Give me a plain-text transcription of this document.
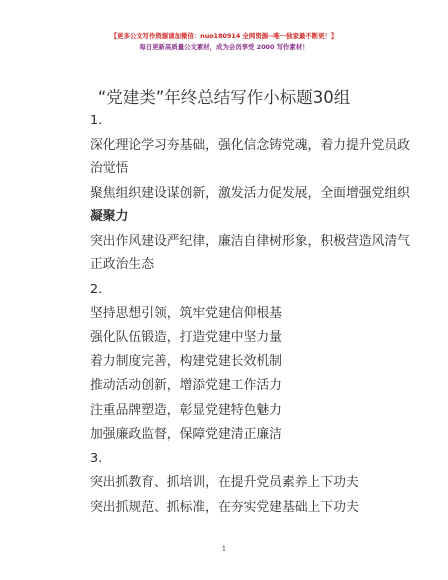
【更多公文写作资源请加微信：nuo180914 全网资源--唯一独家最不断更！】
每日更新高质量公文素材，成为会员享受 2000 写作素材！
“党建类”年终总结写作小标题30组
1.
深化理论学习夯基础，强化信念铸党魂，着力提升党员政
治觉悟
聚焦组织建设谋创新，激发活力促发展，全面增强党组织
凝聚力
突出作风建设严纪律，廉洁自律树形象，积极营造风清气
正政治生态
2.
坚持思想引领，筑牢党建信仰根基
强化队伍锻造，打造党建中坚力量
着力制度完善，构建党建长效机制
推动活动创新，增添党建工作活力
注重品牌塑造，彰显党建特色魅力
加强廉政监督，保障党建清正廉洁
3.
突出抓教育、抓培训，在提升党员素养上下功夫
突出抓规范、抓标准，在夯实党建基础上下功夫
1
